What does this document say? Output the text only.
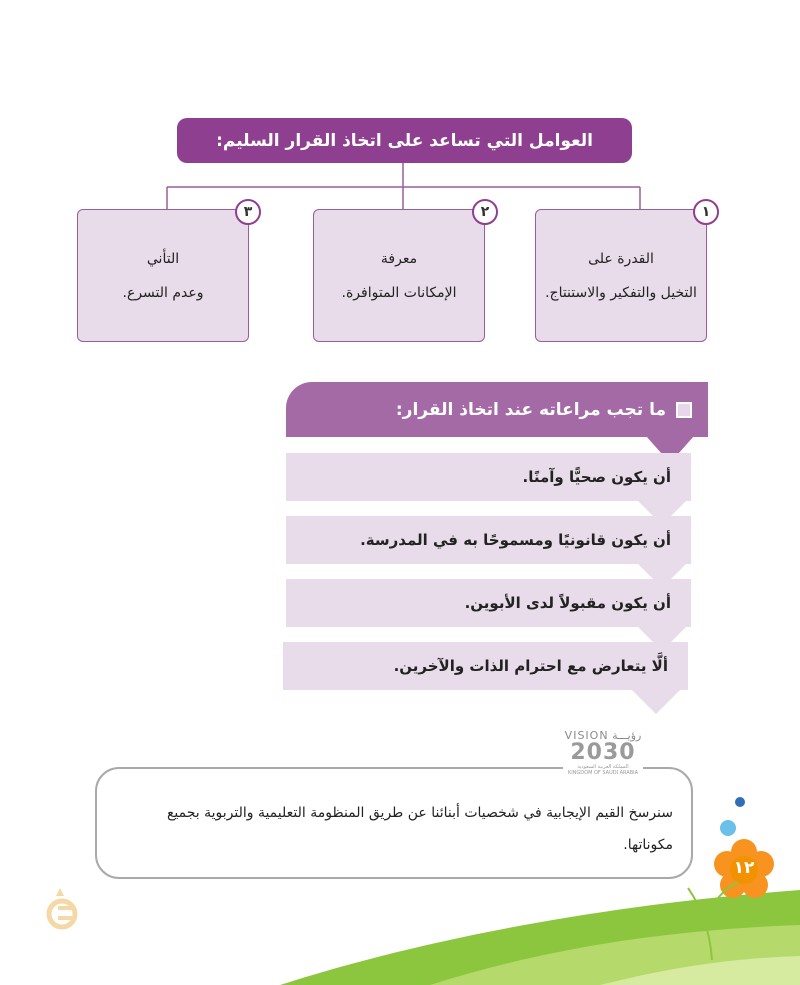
العوامل التي تساعد على اتخاذ القرار السليم:
القدرة على
التخيل والتفكير والاستنتاج.
١
معرفة
الإمكانات المتوافرة.
٢
التأني
وعدم التسرع.
٣
ما تجب مراعاته عند اتخاذ القرار:
أن يكون صحيًّا وآمنًا.
أن يكون قانونيًا ومسموحًا به في المدرسة.
أن يكون مقبولاً لدى الأبوين.
ألَّا يتعارض مع احترام الذات والآخرين.
سنرسخ القيم الإيجابية في شخصيات أبنائنا عن طريق المنظومة التعليمية والتربوية بجميع مكوناتها.
رؤيـــة VISION
2030
المملكة العربية السعودية
KINGDOM OF SAUDI ARABIA
١٢
